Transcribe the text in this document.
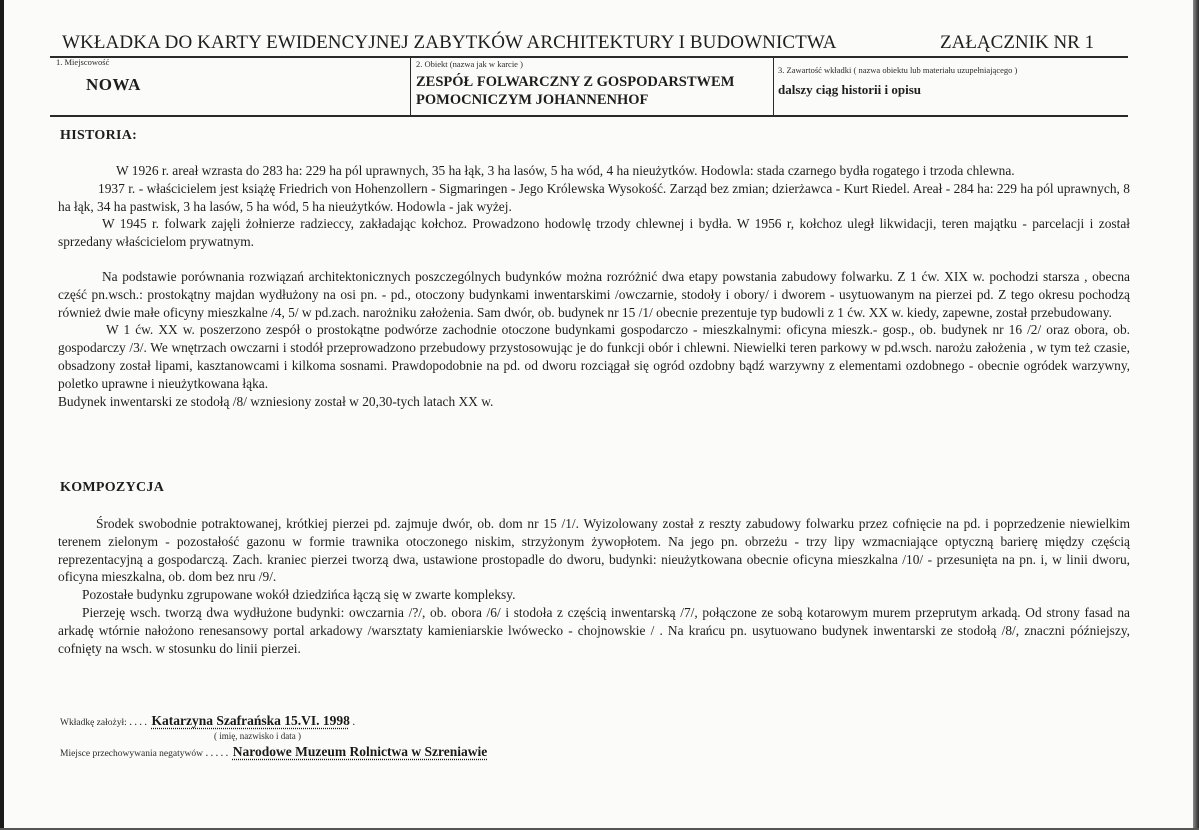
WKŁADKA DO KARTY EWIDENCYJNEJ ZABYTKÓW ARCHITEKTURY I BUDOWNICTWA	ZAŁĄCZNIK NR 1
1. Miejscowość
NOWA
2. Obiekt (nazwa jak w karcie )
ZESPÓŁ FOLWARCZNY Z GOSPODARSTWEM
POMOCNICZYM JOHANNENHOF
3. Zawartość wkładki ( nazwa obiektu lub materiału uzupełniającego )
dalszy ciąg historii i opisu
HISTORIA:

W 1926 r. areał wzrasta do 283 ha: 229 ha pól uprawnych, 35 ha łąk, 3 ha lasów, 5 ha wód, 4 ha nieużytków. Hodowla: stada czarnego bydła rogatego i trzoda chlewna.

1937 r. - właścicielem jest książę Friedrich von Hohenzollern - Sigmaringen - Jego Królewska Wysokość. Zarząd bez zmian; dzierżawca - Kurt Riedel. Areał - 284 ha: 229 ha pól uprawnych, 8 ha łąk, 34 ha pastwisk, 3 ha lasów, 5 ha wód, 5 ha nieużytków. Hodowla - jak wyżej.

W 1945 r. folwark zajęli żołnierze radzieccy, zakładając kołchoz. Prowadzono hodowlę trzody chlewnej i bydła. W 1956 r, kołchoz uległ likwidacji, teren majątku - parcelacji i został sprzedany właścicielom prywatnym.

Na podstawie porównania rozwiązań architektonicznych poszczególnych budynków można rozróżnić dwa etapy powstania zabudowy folwarku. Z 1 ćw. XIX w. pochodzi starsza , obecna część pn.wsch.: prostokątny majdan wydłużony na osi pn. - pd., otoczony budynkami inwentarskimi /owczarnie, stodoły i obory/ i dworem - usytuowanym na pierzei pd. Z tego okresu pochodzą również dwie małe oficyny mieszkalne /4, 5/ w pd.zach. narożniku założenia. Sam dwór, ob. budynek nr 15 /1/ obecnie prezentuje typ budowli z 1 ćw. XX w. kiedy, zapewne, został przebudowany.

W 1 ćw. XX w. poszerzono zespół o prostokątne podwórze zachodnie otoczone budynkami gospodarczo - mieszkalnymi: oficyna mieszk.- gosp., ob. budynek nr 16 /2/ oraz obora, ob. gospodarczy /3/. We wnętrzach owczarni i stodół przeprowadzono przebudowy przystosowując je do funkcji obór i chlewni. Niewielki teren parkowy w pd.wsch. narożu założenia , w tym też czasie, obsadzony został lipami, kasztanowcami i kilkoma sosnami. Prawdopodobnie na pd. od dworu rozciągał się ogród ozdobny bądź warzywny z elementami ozdobnego - obecnie ogródek warzywny, poletko uprawne i nieużytkowana łąka.

Budynek inwentarski ze stodołą /8/ wzniesiony został w 20,30-tych latach XX w.

KOMPOZYCJA

Środek swobodnie potraktowanej, krótkiej pierzei pd. zajmuje dwór, ob. dom nr 15 /1/. Wyizolowany został z reszty zabudowy folwarku przez cofnięcie na pd. i poprzedzenie niewielkim terenem zielonym - pozostałość gazonu w formie trawnika otoczonego niskim, strzyżonym żywopłotem. Na jego pn. obrzeżu - trzy lipy wzmacniające optyczną barierę między częścią reprezentacyjną a gospodarczą. Zach. kraniec pierzei tworzą dwa, ustawione prostopadle do dworu, budynki: nieużytkowana obecnie oficyna mieszkalna /10/ - przesunięta na pn. i, w linii dworu, oficyna mieszkalna, ob. dom bez nru /9/.

Pozostałe budynku zgrupowane wokół dziedzińca łączą się w zwarte kompleksy.

Pierzeję wsch. tworzą dwa wydłużone budynki: owczarnia /?/, ob. obora /6/ i stodoła z częścią inwentarską /7/, połączone ze sobą kotarowym murem przeprutym arkadą. Od strony fasad na arkadę wtórnie nałożono renesansowy portal arkadowy /warsztaty kamieniarskie lwówecko - chojnowskie / . Na krańcu pn. usytuowano budynek inwentarski ze stodołą /8/, znaczni późniejszy, cofnięty na wsch. w stosunku do linii pierzei.

Wkładkę założył: .... Katarzyna Szafrańska 15.VI. 1998 .
( imię, nazwisko i data )
Miejsce przechowywania negatywów ..... Narodowe Muzeum Rolnictwa w Szreniawie
